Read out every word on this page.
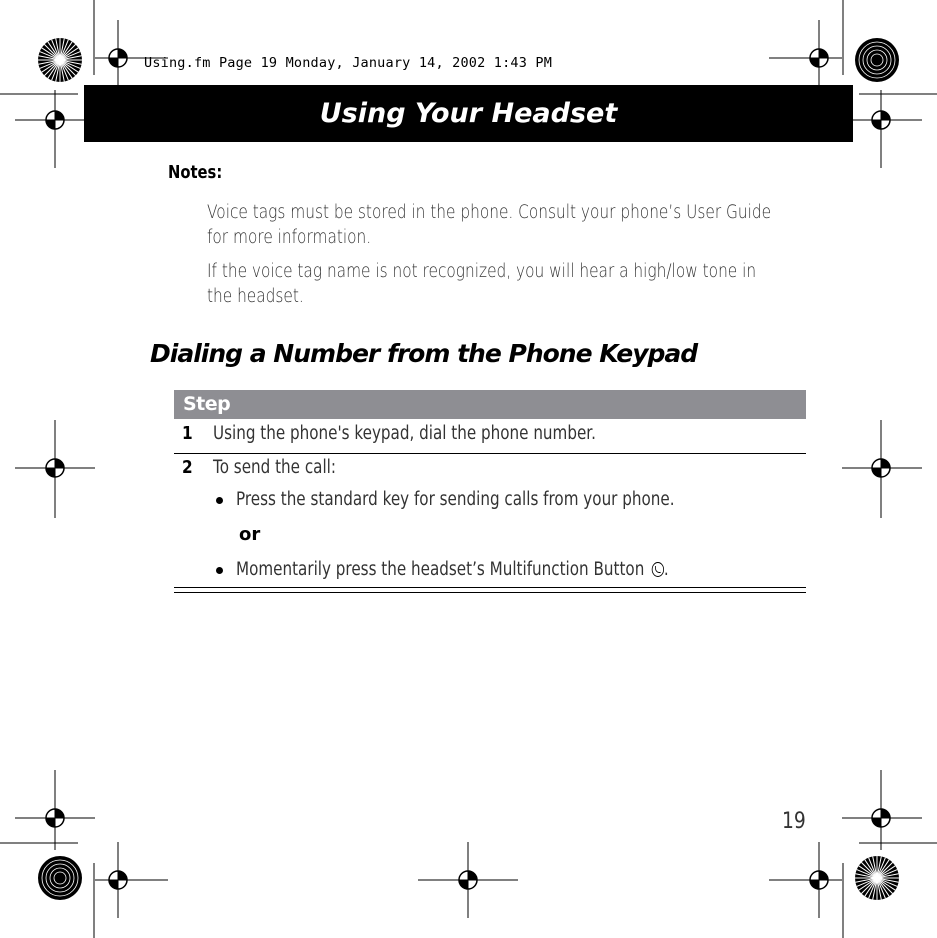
Using.fm Page 19 Monday, January 14, 2002 1:43 PM
Using Your Headset
Notes:
Voice tags must be stored in the phone. Consult your phone’s User Guide for more information.
If the voice tag name is not recognized, you will hear a high/low tone in the headset.
Dialing a Number from the Phone Keypad
Step
1 Using the phone's keypad, dial the phone number.
2 To send the call:
Press the standard key for sending calls from your phone.
or
Momentarily press the headset’s Multifunction Button .
19
